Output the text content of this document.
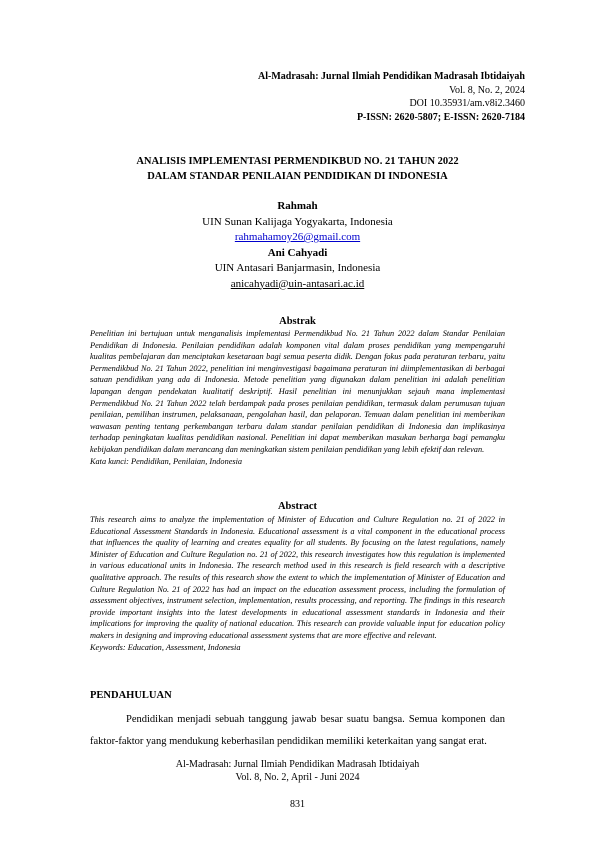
Al-Madrasah: Jurnal Ilmiah Pendidikan Madrasah Ibtidaiyah
Vol. 8, No. 2, 2024
DOI 10.35931/am.v8i2.3460
P-ISSN: 2620-5807; E-ISSN: 2620-7184
ANALISIS IMPLEMENTASI PERMENDIKBUD NO. 21 TAHUN 2022
DALAM STANDAR PENILAIAN PENDIDIKAN DI INDONESIA
Rahmah
UIN Sunan Kalijaga Yogyakarta, Indonesia
rahmahamoy26@gmail.com
Ani Cahyadi
UIN Antasari Banjarmasin, Indonesia
anicahyadi@uin-antasari.ac.id
Abstrak

Penelitian ini bertujuan untuk menganalisis implementasi Permendikbud No. 21 Tahun 2022 dalam Standar Penilaian Pendidikan di Indonesia. Penilaian pendidikan adalah komponen vital dalam proses pendidikan yang mempengaruhi kualitas pembelajaran dan menciptakan kesetaraan bagi semua peserta didik. Dengan fokus pada peraturan terbaru, yaitu Permendikbud No. 21 Tahun 2022, penelitian ini menginvestigasi bagaimana peraturan ini diimplementasikan di berbagai satuan pendidikan yang ada di Indonesia. Metode penelitian yang digunakan dalam penelitian ini adalah penelitian lapangan dengan pendekatan kualitatif deskriptif. Hasil penelitian ini menunjukkan sejauh mana implementasi Permendikbud No. 21 Tahun 2022 telah berdampak pada proses penilaian pendidikan, termasuk dalam perumusan tujuan penilaian, pemilihan instrumen, pelaksanaan, pengolahan hasil, dan pelaporan. Temuan dalam penelitian ini memberikan wawasan penting tentang perkembangan terbaru dalam standar penilaian pendidikan di Indonesia dan implikasinya terhadap peningkatan kualitas pendidikan nasional. Penelitian ini dapat memberikan masukan berharga bagi pemangku kebijakan pendidikan dalam merancang dan meningkatkan sistem penilaian pendidikan yang lebih efektif dan relevan.

Kata kunci: Pendidikan, Penilaian, Indonesia

Abstract

This research aims to analyze the implementation of Minister of Education and Culture Regulation no. 21 of 2022 in Educational Assessment Standards in Indonesia. Educational assessment is a vital component in the educational process that influences the quality of learning and creates equality for all students. By focusing on the latest regulations, namely Minister of Education and Culture Regulation no. 21 of 2022, this research investigates how this regulation is implemented in various educational units in Indonesia. The research method used in this research is field research with a descriptive qualitative approach. The results of this research show the extent to which the implementation of Minister of Education and Culture Regulation No. 21 of 2022 has had an impact on the education assessment process, including the formulation of assessment objectives, instrument selection, implementation, results processing, and reporting. The findings in this research provide important insights into the latest developments in educational assessment standards in Indonesia and their implications for improving the quality of national education. This research can provide valuable input for education policy makers in designing and improving educational assessment systems that are more effective and relevant.

Keywords: Education, Assessment, Indonesia

PENDAHULUAN

Pendidikan menjadi sebuah tanggung jawab besar suatu bangsa. Semua komponen dan faktor-faktor yang mendukung keberhasilan pendidikan memiliki keterkaitan yang sangat erat.

Al-Madrasah: Jurnal Ilmiah Pendidikan Madrasah Ibtidaiyah
Vol. 8, No. 2, April - Juni 2024
831
